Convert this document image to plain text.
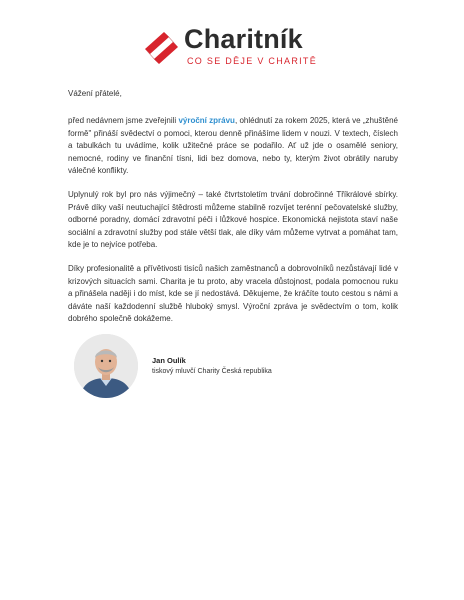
Charitník
CO SE DĚJE V CHARITĚ

Vážení přátelé,

před nedávnem jsme zveřejnili výroční zprávu, ohlédnutí za rokem 2025, která ve „zhuštěné formě" přináší svědectví o pomoci, kterou denně přinášíme lidem v nouzi. V textech, číslech a tabulkách tu uvádíme, kolik užitečné práce se podařilo. Ať už jde o osamělé seniory, nemocné, rodiny ve finanční tísni, lidi bez domova, nebo ty, kterým život obrátily naruby válečné konflikty.

Uplynulý rok byl pro nás výjimečný – také čtvrtstoletím trvání dobročinné Tříkrálové sbírky. Právě díky vaší neutuchající štědrosti můžeme stabilně rozvíjet terénní pečovatelské služby, odborné poradny, domácí zdravotní péči i lůžkové hospice. Ekonomická nejistota staví naše sociální a zdravotní služby pod stále větší tlak, ale díky vám můžeme vytrvat a pomáhat tam, kde je to nejvíce potřeba.

Díky profesionalitě a přívětivosti tisíců našich zaměstnanců a dobrovolníků nezůstávají lidé v krizových situacích sami. Charita je tu proto, aby vracela důstojnost, podala pomocnou ruku a přinášela naději i do míst, kde se jí nedostává. Děkujeme, že kráčíte touto cestou s námi a dáváte naší každodenní službě hluboký smysl. Výroční zpráva je svědectvím o tom, kolik dobrého společně dokážeme.

Jan Oulík
tiskový mluvčí Charity Česká republika
